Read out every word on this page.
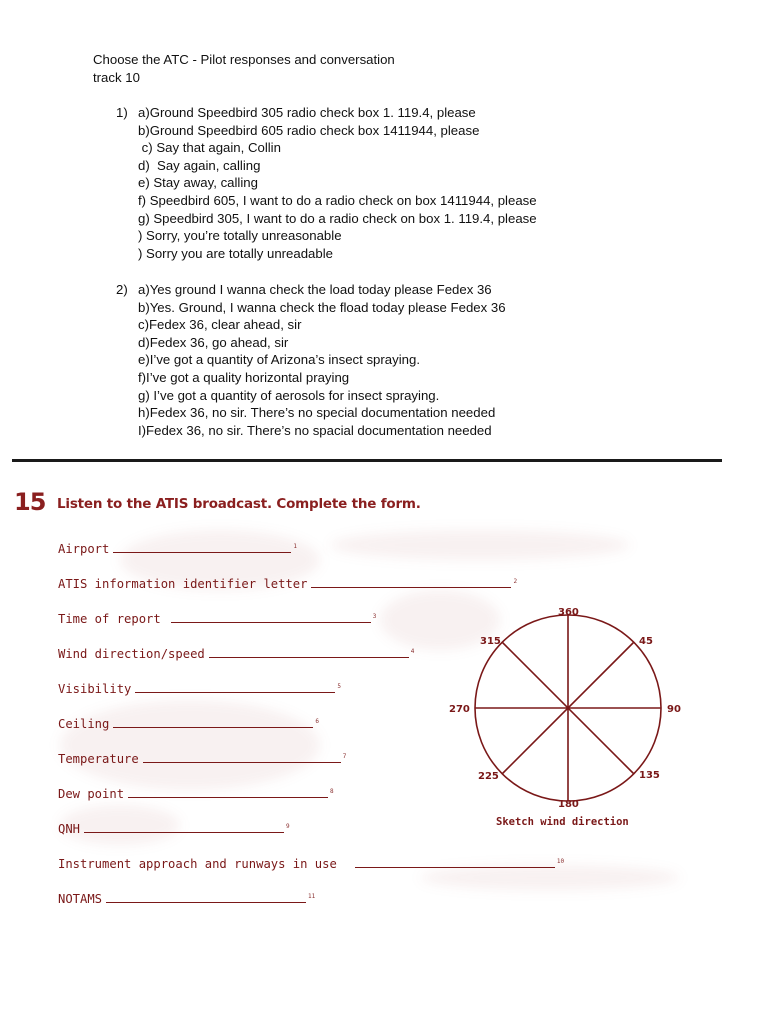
Choose the ATC - Pilot responses and conversation
track 10
1) a)Ground Speedbird 305 radio check box 1. 119.4, please
b)Ground Speedbird 605 radio check box 1411944, please
c) Say that again, Collin
d)  Say again, calling
e) Stay away, calling
f) Speedbird 605, I want to do a radio check on box 1411944, please
g) Speedbird 305, I want to do a radio check on box 1. 119.4, please
) Sorry, you’re totally unreasonable
) Sorry you are totally unreadable
2) a)Yes ground I wanna check the load today please Fedex 36
b)Yes. Ground, I wanna check the fload today please Fedex 36
c)Fedex 36, clear ahead, sir
d)Fedex 36, go ahead, sir
e)I’ve got a quantity of Arizona’s insect spraying.
f)I’ve got a quality horizontal praying
g) I’ve got a quantity of aerosols for insect spraying.
h)Fedex 36, no sir. There’s no special documentation needed
I)Fedex 36, no sir. There’s no spacial documentation needed
15 Listen to the ATIS broadcast. Complete the form.
Airport	$^1$
ATIS information identifier letter	$^2$
Time of report	$^3$
Wind direction/speed	$^4$
Visibility	$^5$
Ceiling	$^6$
Temperature	$^7$
Dew point	$^8$
QNH	$^9$
Instrument approach and runways in use	$^{10}$
NOTAMS	$^{11}$
360
45
90
135
180
225
270
315
Sketch wind direction
